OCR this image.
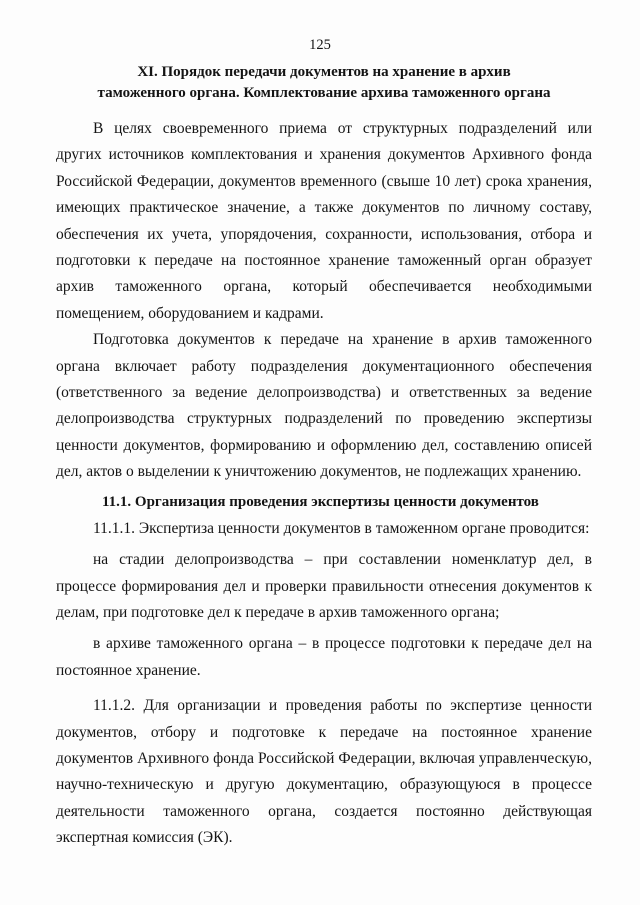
125
XI. Порядок передачи документов на хранение в архив
таможенного органа. Комплектование архива таможенного органа

В целях своевременного приема от структурных подразделений или других источников комплектования и хранения документов Архивного фонда Российской Федерации, документов временного (свыше 10 лет) срока хранения, имеющих практическое значение, а также документов по личному составу, обеспечения их учета, упорядочения, сохранности, использования, отбора и подготовки к передаче на постоянное хранение таможенный орган образует архив таможенного органа, который обеспечивается необходимыми помещением, оборудованием и кадрами.

Подготовка документов к передаче на хранение в архив таможенного органа включает работу подразделения документационного обеспечения (ответственного за ведение делопроизводства) и ответственных за ведение делопроизводства структурных подразделений по проведению экспертизы ценности документов, формированию и оформлению дел, составлению описей дел, актов о выделении к уничтожению документов, не подлежащих хранению.

11.1. Организация проведения экспертизы ценности документов

11.1.1. Экспертиза ценности документов в таможенном органе проводится:

на стадии делопроизводства – при составлении номенклатур дел, в процессе формирования дел и проверки правильности отнесения документов к делам, при подготовке дел к передаче в архив таможенного органа;

в архиве таможенного органа – в процессе подготовки к передаче дел на постоянное хранение.

11.1.2. Для организации и проведения работы по экспертизе ценности документов, отбору и подготовке к передаче на постоянное хранение документов Архивного фонда Российской Федерации, включая управленческую, научно-техническую и другую документацию, образующуюся в процессе деятельности таможенного органа, создается постоянно действующая экспертная комиссия (ЭК).
